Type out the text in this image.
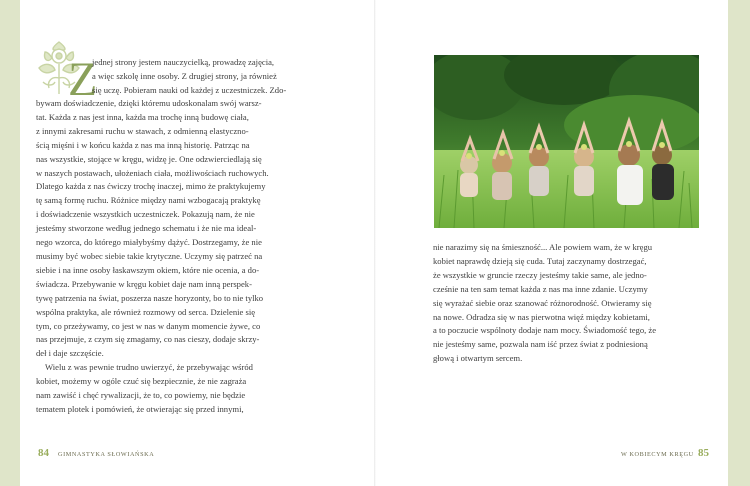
Z
jednej strony jestem nauczycielką, prowadzę zajęcia,
a więc szkolę inne osoby. Z drugiej strony, ja również
się uczę. Pobieram nauki od każdej z uczestniczek. Zdo-
bywam doświadczenie, dzięki któremu udoskonalam swój warsz-
tat. Każda z nas jest inna, każda ma trochę inną budowę ciała,
z innymi zakresami ruchu w stawach, z odmienną elastyczno-
ścią mięśni i w końcu każda z nas ma inną historię. Patrząc na
nas wszystkie, stojące w kręgu, widzę je. One odzwierciedlają się
w naszych postawach, ułożeniach ciała, możliwościach ruchowych.
Dlatego każda z nas ćwiczy trochę inaczej, mimo że praktykujemy
tę samą formę ruchu. Różnice między nami wzbogacają praktykę
i doświadczenie wszystkich uczestniczek. Pokazują nam, że nie
jesteśmy stworzone według jednego schematu i że nie ma ideal-
nego wzorca, do którego miałybyśmy dążyć. Dostrzegamy, że nie
musimy być wobec siebie takie krytyczne. Uczymy się patrzeć na
siebie i na inne osoby łaskawszym okiem, które nie ocenia, a do-
świadcza. Przebywanie w kręgu kobiet daje nam inną perspek-
tywę patrzenia na świat, poszerza nasze horyzonty, bo to nie tylko
wspólna praktyka, ale również rozmowy od serca. Dzielenie się
tym, co przeżywamy, co jest w nas w danym momencie żywe, co
nas przejmuje, z czym się zmagamy, co nas cieszy, dodaje skrzy-
deł i daje szczęście.
Wielu z was pewnie trudno uwierzyć, że przebywając wśród
kobiet, możemy w ogóle czuć się bezpiecznie, że nie zagraża
nam zawiść i chęć rywalizacji, że to, co powiemy, nie będzie
tematem plotek i pomówień, że otwierając się przed innymi,
nie narazimy się na śmieszność... Ale powiem wam, że w kręgu
kobiet naprawdę dzieją się cuda. Tutaj zaczynamy dostrzegać,
że wszystkie w gruncie rzeczy jesteśmy takie same, ale jedno-
cześnie na ten sam temat każda z nas ma inne zdanie. Uczymy
się wyrażać siebie oraz szanować różnorodność. Otwieramy się
na nowe. Odradza się w nas pierwotna więź między kobietami,
a to poczucie wspólnoty dodaje nam mocy. Świadomość tego, że
nie jesteśmy same, pozwala nam iść przez świat z podniesioną
głową i otwartym sercem.
84 GIMNASTYKA SŁOWIAŃSKA	W KOBIECYM KRĘGU 85
